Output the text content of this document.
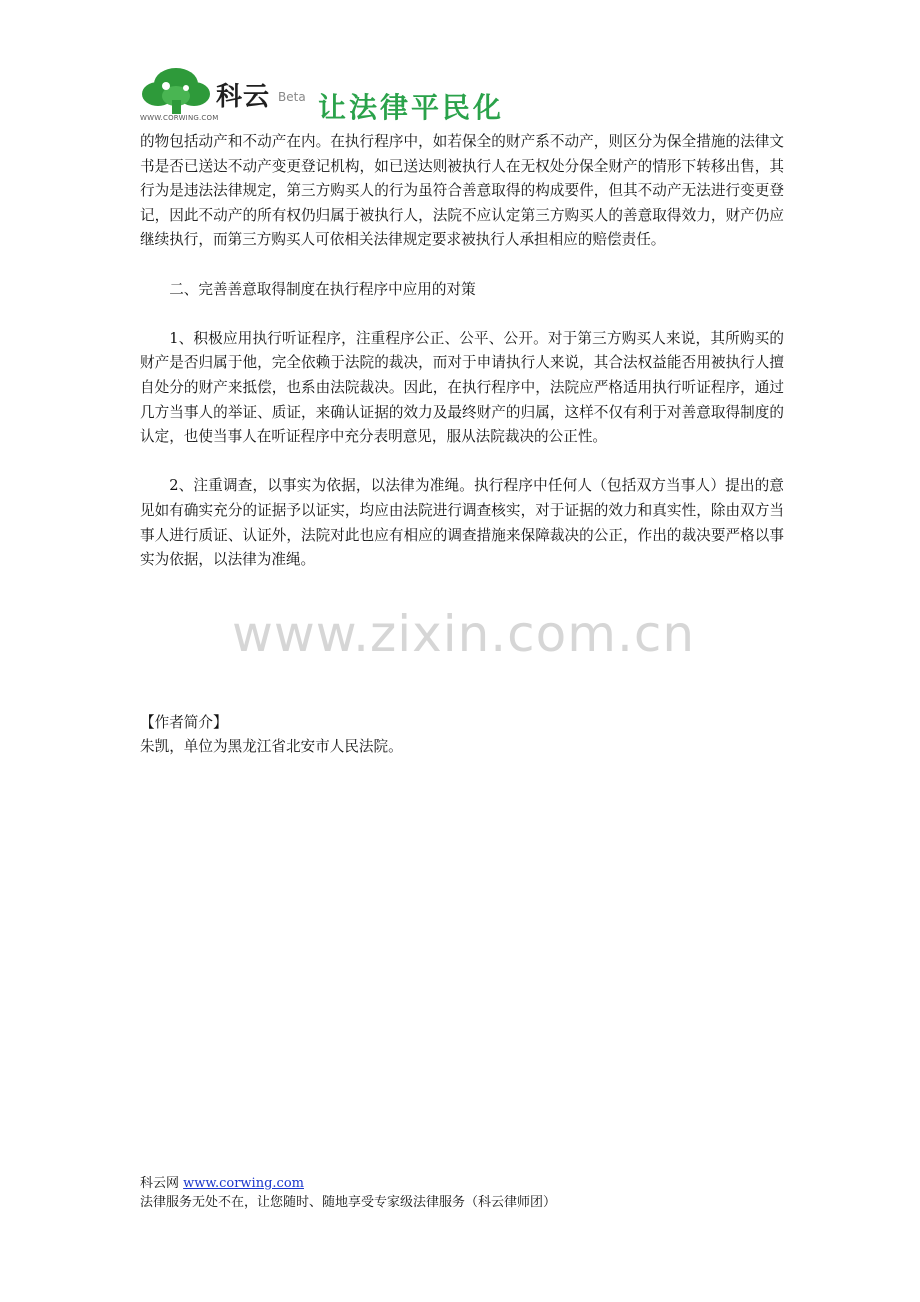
科云 Beta
WWW.CORWING.COM	让法律平民化

的物包括动产和不动产在内。在执行程序中，如若保全的财产系不动产，则区分为保全措施的法律文书是否已送达不动产变更登记机构，如已送达则被执行人在无权处分保全财产的情形下转移出售，其行为是违法法律规定，第三方购买人的行为虽符合善意取得的构成要件，但其不动产无法进行变更登记，因此不动产的所有权仍归属于被执行人，法院不应认定第三方购买人的善意取得效力，财产仍应继续执行，而第三方购买人可依相关法律规定要求被执行人承担相应的赔偿责任。

二、完善善意取得制度在执行程序中应用的对策

1、积极应用执行听证程序，注重程序公正、公平、公开。对于第三方购买人来说，其所购买的财产是否归属于他，完全依赖于法院的裁决，而对于申请执行人来说，其合法权益能否用被执行人擅自处分的财产来抵偿，也系由法院裁决。因此，在执行程序中，法院应严格适用执行听证程序，通过几方当事人的举证、质证，来确认证据的效力及最终财产的归属，这样不仅有利于对善意取得制度的认定，也使当事人在听证程序中充分表明意见，服从法院裁决的公正性。

2、注重调查，以事实为依据，以法律为准绳。执行程序中任何人（包括双方当事人）提出的意见如有确实充分的证据予以证实，均应由法院进行调查核实，对于证据的效力和真实性，除由双方当事人进行质证、认证外，法院对此也应有相应的调查措施来保障裁决的公正，作出的裁决要严格以事实为依据，以法律为准绳。

www.zixin.com.cn
【作者简介】
朱凯，单位为黑龙江省北安市人民法院。
科云网 www.corwing.com
法律服务无处不在，让您随时、随地享受专家级法律服务（科云律师团）
